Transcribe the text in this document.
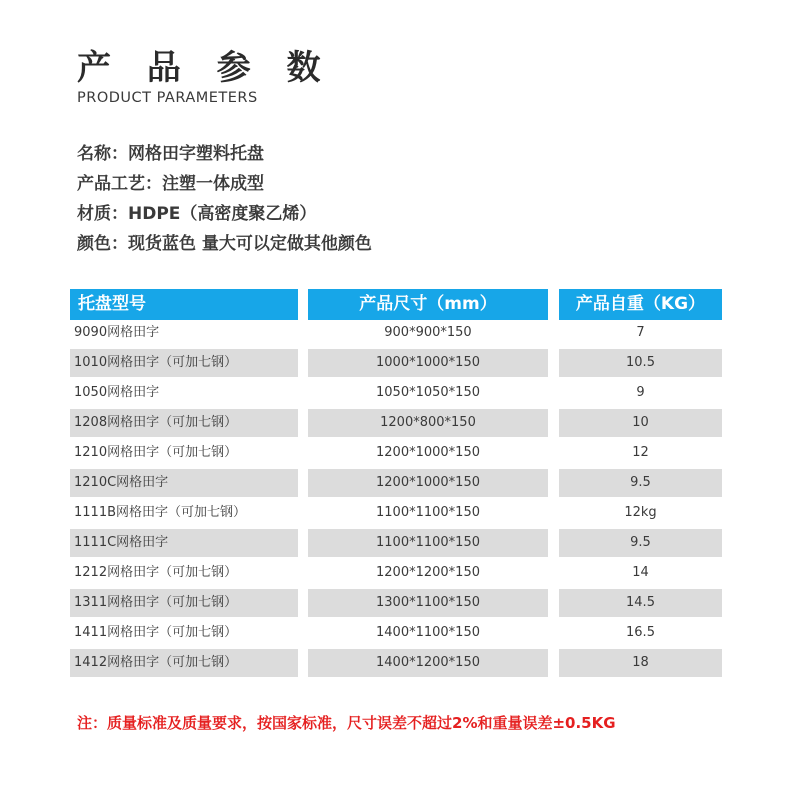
产 品 参 数
PRODUCT PARAMETERS
名称：网格田字塑料托盘
产品工艺：注塑一体成型
材质：HDPE（高密度聚乙烯）
颜色：现货蓝色 量大可以定做其他颜色
托盘型号	产品尺寸（mm）	产品自重（KG）
9090网格田字	900*900*150	7
1010网格田字（可加七钢）	1000*1000*150	10.5
1050网格田字	1050*1050*150	9
1208网格田字（可加七钢）	1200*800*150	10
1210网格田字（可加七钢）	1200*1000*150	12
1210C网格田字	1200*1000*150	9.5
1111B网格田字（可加七钢）	1100*1100*150	12kg
1111C网格田字	1100*1100*150	9.5
1212网格田字（可加七钢）	1200*1200*150	14
1311网格田字（可加七钢）	1300*1100*150	14.5
1411网格田字（可加七钢）	1400*1100*150	16.5
1412网格田字（可加七钢）	1400*1200*150	18
注：质量标准及质量要求，按国家标准，尺寸误差不超过2%和重量误差±0.5KG
